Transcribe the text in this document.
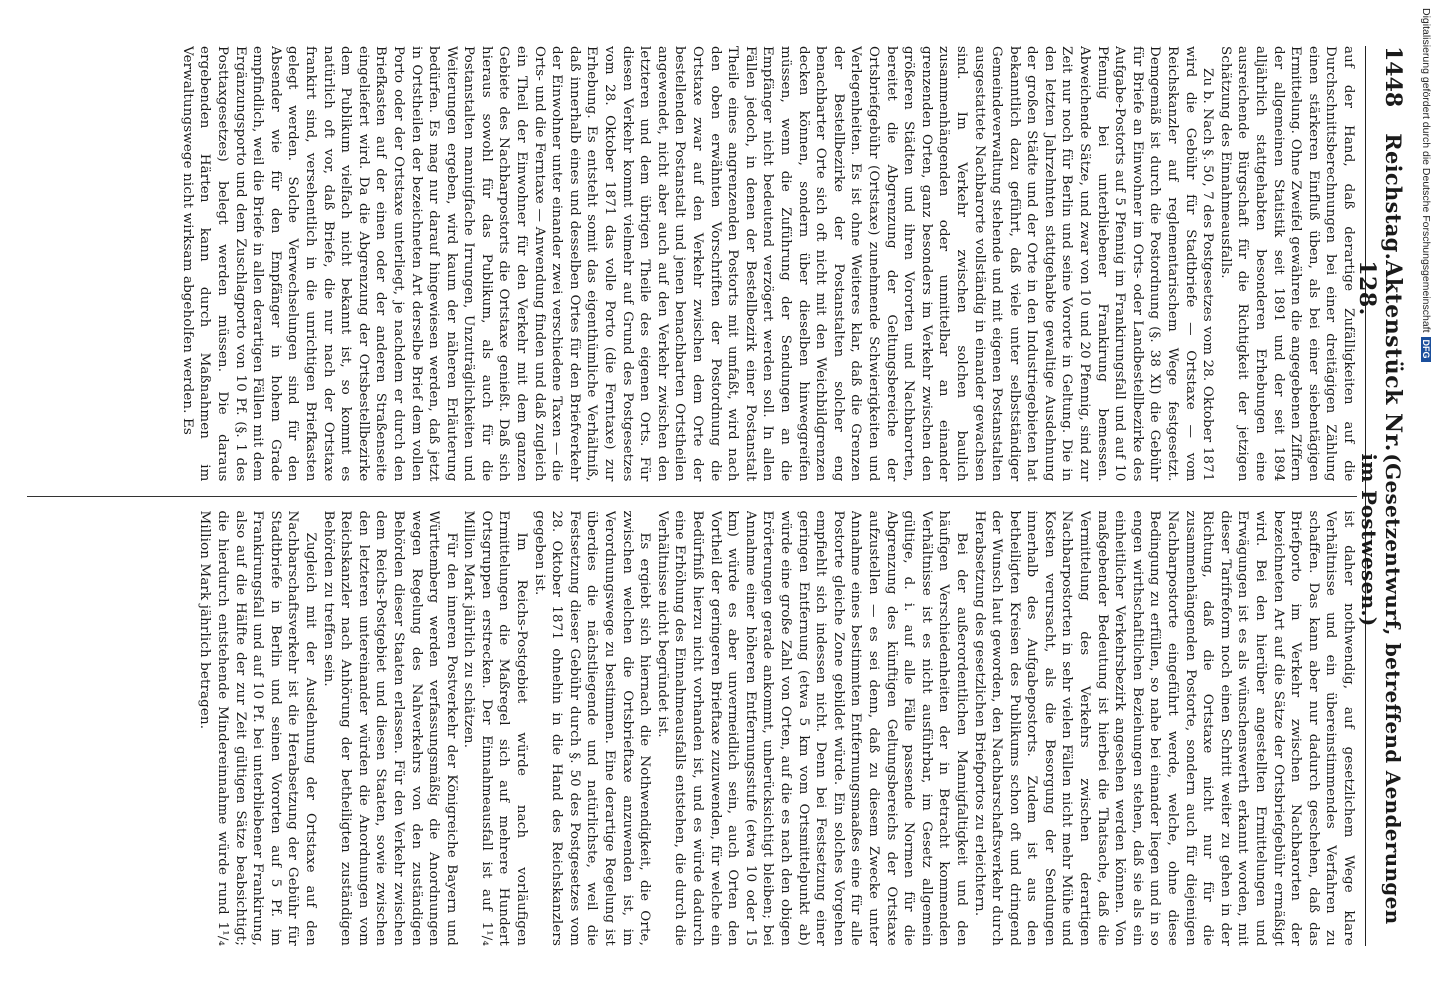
1448
Reichstag.
Aktenstück Nr. 128.
(Gesetzentwurf, betreffend Aenderungen im Postwesen.)

auf der Hand, daß derartige Zufälligkeiten auf die Durchschnittsberechnungen bei einer dreitägigen Zählung einen stärkeren Einfluß üben, als bei einer siebentägigen Ermittelung. Ohne Zweifel gewähren die angegebenen Ziffern der allgemeinen Statistik seit 1891 und der seit 1894 alljährlich stattgehabten besonderen Erhebungen eine ausreichende Bürgschaft für die Richtigkeit der jetzigen Schätzung des Einnahmeausfalls.

Zu b. Nach §. 50, 7 des Postgesetzes vom 28. Oktober 1871 wird die Gebühr für Stadtbriefe — Ortstaxe — vom Reichskanzler auf reglementarischem Wege festgesetzt. Demgemäß ist durch die Postordnung (§. 38 XI) die Gebühr für Briefe an Einwohner im Orts- oder Landbestellbezirke des Aufgabe-Postorts auf 5 Pfennig im Frankirungsfall und auf 10 Pfennig bei unterbliebener Frankirung bemessen. Abweichende Sätze, und zwar von 10 und 20 Pfennig, sind zur Zeit nur noch für Berlin und seine Vororte in Geltung. Die in den letzten Jahrzehnten stattgehabte gewaltige Ausdehnung der großen Städte und der Orte in den Industriegebieten hat bekanntlich dazu geführt, daß viele unter selbstständiger Gemeindeverwaltung stehende und mit eigenen Postanstalten ausgestattete Nachbarorte vollständig in einander gewachsen sind. Im Verkehr zwischen solchen baulich zusammenhängenden oder unmittelbar an einander grenzenden Orten, ganz besonders im Verkehr zwischen den größeren Städten und ihren Vororten und Nachbarorten, bereitet die Abgrenzung der Geltungsbereiche der Ortsbriefgebühr (Ortstaxe) zunehmende Schwierigkeiten und Verlegenheiten. Es ist ohne Weiteres klar, daß die Grenzen der Bestellbezirke der Postanstalten solcher eng benachbarter Orte sich oft nicht mit den Weichbildgrenzen decken können, sondern über dieselben hinweggreifen müssen, wenn die Zuführung der Sendungen an die Empfänger nicht bedeutend verzögert werden soll. In allen Fällen jedoch, in denen der Bestellbezirk einer Postanstalt Theile eines angrenzenden Postorts mit umfaßt, wird nach den oben erwähnten Vorschriften der Postordnung die Ortstaxe zwar auf den Verkehr zwischen dem Orte der bestellenden Postanstalt und jenen benachbarten Ortstheilen angewendet, nicht aber auch auf den Verkehr zwischen den letzteren und dem übrigen Theile des eigenen Orts. Für diesen Verkehr kommt vielmehr auf Grund des Postgesetzes vom 28. Oktober 1871 das volle Porto (die Ferntaxe) zur Erhebung. Es entsteht somit das eigenthümliche Verhältniß, daß innerhalb eines und desselben Ortes für den Briefverkehr der Einwohner unter einander zwei verschiedene Taxen — die Orts- und die Ferntaxe — Anwendung finden und daß zugleich ein Theil der Einwohner für den Verkehr mit dem ganzen Gebiete des Nachbarpostorts die Ortstaxe genießt. Daß sich hieraus sowohl für das Publikum, als auch für die Postanstalten mannigfache Irrungen, Unzuträglichkeiten und Weiterungen ergeben, wird kaum der näheren Erläuterung bedürfen. Es mag nur darauf hingewiesen werden, daß jetzt in Ortstheilen der bezeichneten Art derselbe Brief dem vollen Porto oder der Ortstaxe unterliegt, je nachdem er durch den Briefkasten auf der einen oder der anderen Straßenseite eingeliefert wird. Da die Abgrenzung der Ortsbestellbezirke dem Publikum vielfach nicht bekannt ist, so kommt es natürlich oft vor, daß Briefe, die nur nach der Ortstaxe frankirt sind, versehentlich in die unrichtigen Briefkasten gelegt werden. Solche Verwechselungen sind für den Absender wie für den Empfänger in hohem Grade empfindlich, weil die Briefe in allen derartigen Fällen mit dem Ergänzungsporto und dem Zuschlagporto von 10 Pf. (§. 1 des Posttaxgesetzes) belegt werden müssen. Die daraus ergebenden Härten kann durch Maßnahmen im Verwaltungswege nicht wirksam abgeholfen werden. Es

ist daher nothwendig, auf gesetzlichem Wege klare Verhältnisse und ein übereinstimmendes Verfahren zu schaffen. Das kann aber nur dadurch geschehen, daß das Briefporto im Verkehr zwischen Nachbarorten der bezeichneten Art auf die Sätze der Ortsbriefgebühr ermäßigt wird. Bei den hierüber angestellten Ermittelungen und Erwägungen ist es als wünschenswerth erkannt worden, mit dieser Tarifreform noch einen Schritt weiter zu gehen in der Richtung, daß die Ortstaxe nicht nur für die zusammenhängenden Postorte, sondern auch für diejenigen Nachbarpostorte eingeführt werde, welche, ohne diese Bedingung zu erfüllen, so nahe bei einander liegen und in so engen wirthschaftlichen Beziehungen stehen, daß sie als ein einheitlicher Verkehrsbezirk angesehen werden können. Von maßgebender Bedeutung ist hierbei die Thatsache, daß die Vermittelung des Verkehrs zwischen derartigen Nachbarpostorten in sehr vielen Fällen nicht mehr Mühe und Kosten verursacht, als die Besorgung der Sendungen innerhalb des Aufgabepostorts. Zudem ist aus den betheiligten Kreisen des Publikums schon oft und dringend der Wunsch laut geworden, den Nachbarschaftsverkehr durch Herabsetzung des gesetzlichen Briefportos zu erleichtern.

Bei der außerordentlichen Mannigfaltigkeit und den häufigen Verschiedenheiten der in Betracht kommenden Verhältnisse ist es nicht ausführbar, im Gesetz allgemein gültige, d. i. auf alle Fälle passende Normen für die Abgrenzung des künftigen Geltungsbereichs der Ortstaxe aufzustellen — es sei denn, daß zu diesem Zwecke unter Annahme eines bestimmten Entfernungsmaaßes eine für alle Postorte gleiche Zone gebildet würde. Ein solches Vorgehen empfiehlt sich indessen nicht. Denn bei Festsetzung einer geringen Entfernung (etwa 5 km vom Ortsmittelpunkt ab) würde eine große Zahl von Orten, auf die es nach den obigen Erörterungen gerade ankommt, unberücksichtigt bleiben; bei Annahme einer höheren Entfernungsstufe (etwa 10 oder 15 km) würde es aber unvermeidlich sein, auch Orten den Vortheil der geringeren Brieftaxe zuzuwenden, für welche ein Bedürfniß hierzu nicht vorhanden ist, und es würde dadurch eine Erhöhung des Einnahmeausfalls entstehen, die durch die Verhältnisse nicht begründet ist.

Es ergiebt sich hiernach die Nothwendigkeit, die Orte, zwischen welchen die Ortsbrieftaxe anzuwenden ist, im Verordnungswege zu bestimmen. Eine derartige Regelung ist überdies die nächstliegende und natürlichste, weil die Festsetzung dieser Gebühr durch §. 50 des Postgesetzes vom 28. Oktober 1871 ohnehin in die Hand des Reichskanzlers gegeben ist.

Im Reichs-Postgebiet würde nach vorläufigen Ermittelungen die Maßregel sich auf mehrere Hundert Ortsgruppen erstrecken. Der Einnahmeausfall ist auf 1¹/₄ Million Mark jährlich zu schätzen.

Für den inneren Postverkehr der Königreiche Bayern und Württemberg werden verfassungsmäßig die Anordnungen wegen Regelung des Nahverkehrs von den zuständigen Behörden dieser Staaten erlassen. Für den Verkehr zwischen dem Reichs-Postgebiet und diesen Staaten, sowie zwischen den letzteren untereinander würden die Anordnungen vom Reichskanzler nach Anhörung der betheiligten zuständigen Behörden zu treffen sein.

Zugleich mit der Ausdehnung der Ortstaxe auf den Nachbarschaftsverkehr ist die Herabsetzung der Gebühr für Stadtbriefe in Berlin und seinen Vororten auf 5 Pf. im Frankirungsfall und auf 10 Pf. bei unterbliebener Frankirung, also auf die Hälfte der zur Zeit gültigen Sätze beabsichtigt; die hierdurch entstehende Mindereinnahme würde rund 1¹/₄ Million Mark jährlich betragen.

Digitalisierung gefördert durch die Deutsche Forschungsgemeinschaft
DFG
